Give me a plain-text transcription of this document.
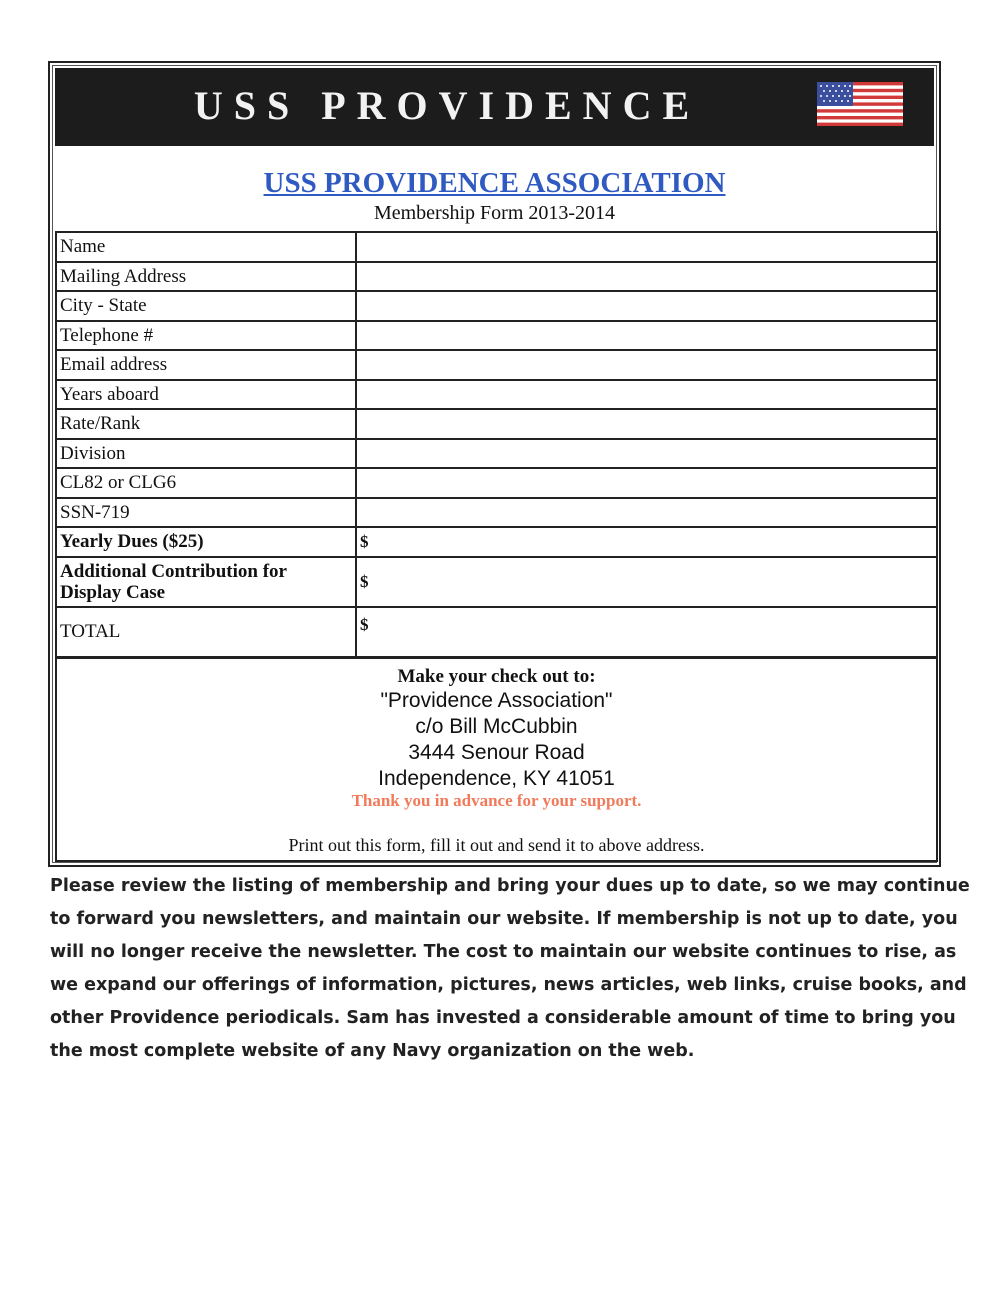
USS PROVIDENCE
USS PROVIDENCE ASSOCIATION
Membership Form 2013-2014
Name	
Mailing Address	
City - State	
Telephone #	
Email address	
Years aboard	
Rate/Rank	
Division	
CL82 or CLG6	
SSN-719	
Yearly Dues ($25)	$

Additional Contribution for
Display Case	$
TOTAL	$
Make your check out to:
"Providence Association"
c/o Bill McCubbin
3444 Senour Road
Independence, KY 41051
Thank you in advance for your support.
Print out this form, fill it out and send it to above address.
Please review the listing of membership and bring your dues up to date, so we may continue to forward you newsletters, and maintain our website. If membership is not up to date, you will no longer receive the newsletter. The cost to maintain our website continues to rise, as we expand our offerings of information, pictures, news articles, web links, cruise books, and other Providence periodicals. Sam has invested a considerable amount of time to bring you the most complete website of any Navy organization on the web.
